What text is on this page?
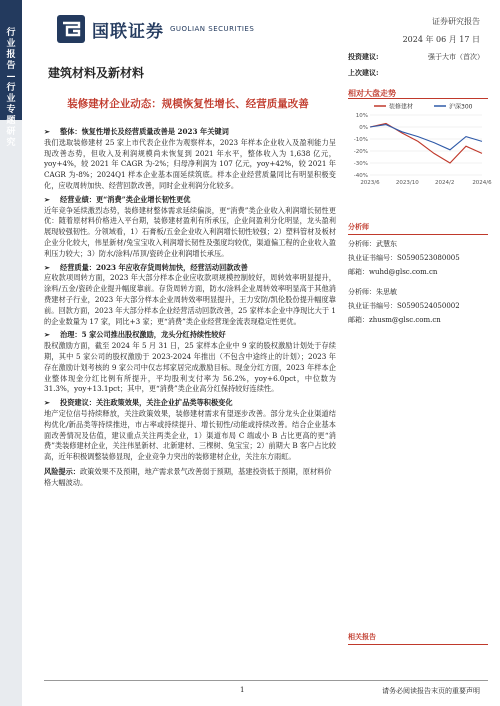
行业报告—行业专题研究
国联证券 GUOLIAN SECURITIES
证券研究报告
2024 年 06 月 17 日
建筑材料及新材料
投资建议:	强于大市（首次）
上次建议:
相对大盘走势
装修建材	沪深300
10%
0%
-10%
-20%
-30%
-40%
2023/6	2023/10	2024/2	2024/6
装修建材企业动态：规模恢复性增长、经营质量改善
➢ 整体：恢复性增长及经营质量改善是 2023 年关键词
我们选取装修建材 25 家上市代表企业作为观察样本，2023 年样本企业收入及盈利能力呈现改善态势，但收入及利润规模尚未恢复到 2021 年水平，整体收入为 1,638 亿元，yoy+4%，较 2021 年 CAGR 为-2%；归母净利润为 107 亿元，yoy+42%，较 2021 年 CAGR 为-8%；2024Q1 样本企业基本面延续筑底。样本企业经营质量同比有明显积极变化，应收周转加快、经营回款改善，同时企业利润分化较多。
➢ 经营业绩：更“消费”类企业增长韧性更优
近年竞争延续激烈态势，装修建材整体需求延续偏淡，更“消费”类企业收入利润增长韧性更优：随着原材料价格进入平台期，装修建材盈利有所承压，企业间盈利分化明显，龙头盈利展现较强韧性。分领域看，1）石膏板/五金企业收入利润增长韧性较强；2）塑料管材及板材企业分化较大，伟星新材/兔宝宝收入利润增长韧性及强度均较优，渠道偏工程的企业收入盈利压力较大；3）防水/涂料/吊顶/瓷砖企业利润增长承压。
➢ 经营质量：2023 年应收存货周转加快，经营活动回款改善
应收款项周转方面，2023 年大部分样本企业应收款项规模控制较好，周转效率明显提升，涂料/五金/瓷砖企业提升幅度靠前。存货周转方面，防水/涂料企业周转效率明显高于其他消费建材子行业，2023 年大部分样本企业周转效率明显提升，王力安防/凯伦股份提升幅度靠前。回款方面，2023 年大部分样本企业经营活动回款改善，25 家样本企业中净现比大于 1 的企业数量为 17 家，同比+3 家；更“消费”类企业经营现金流表现稳定性更优。
➢ 治理：5 家公司推出股权激励，龙头分红持续性较好
股权激励方面，截至 2024 年 5 月 31 日，25 家样本企业中 9 家的股权激励计划处于存续期，其中 5 家公司的股权激励于 2023-2024 年推出（不包含中途终止的计划）；2023 年存在激励计划考核的 9 家公司中仅志邦家居完成激励目标。现金分红方面，2023 年样本企业整体现金分红比例有所提升，平均股利支付率为 56.2%，yoy+6.0pct，中位数为 31.3%，yoy+13.1pct；其中，更“消费”类企业高分红保持较好连续性。
➢ 投资建议：关注政策效果，关注企业扩品类等积极变化
地产定位信号持续释放，关注政策效果，装修建材需求有望逐步改善。部分龙头企业渠道结构优化/新品类等持续推进，市占率或持续提升、增长韧性/动能或持续改善。结合企业基本面改善情况及估值，建议重点关注两类企业，1）渠道布局 C 端或小 B 占比更高的更“消费”类装修建材企业，关注伟星新材、北新建材、三棵树、兔宝宝；2）前期大 B 客户占比较高，近年积极调整装修显现，企业竞争力突出的装修建材企业，关注东方雨虹。
风险提示：政策效果不及预期，地产需求景气改善弱于预期，基建投资低于预期，原材料价格大幅波动。
分析师
分析师：武慧东
执业证书编号：S0590523080005
邮箱：wuhd@glsc.com.cn
分析师：朱思敏
执业证书编号：S0590524050002
邮箱：zhusm@glsc.com.cn
相关报告
1	请务必阅读报告末页的重要声明
